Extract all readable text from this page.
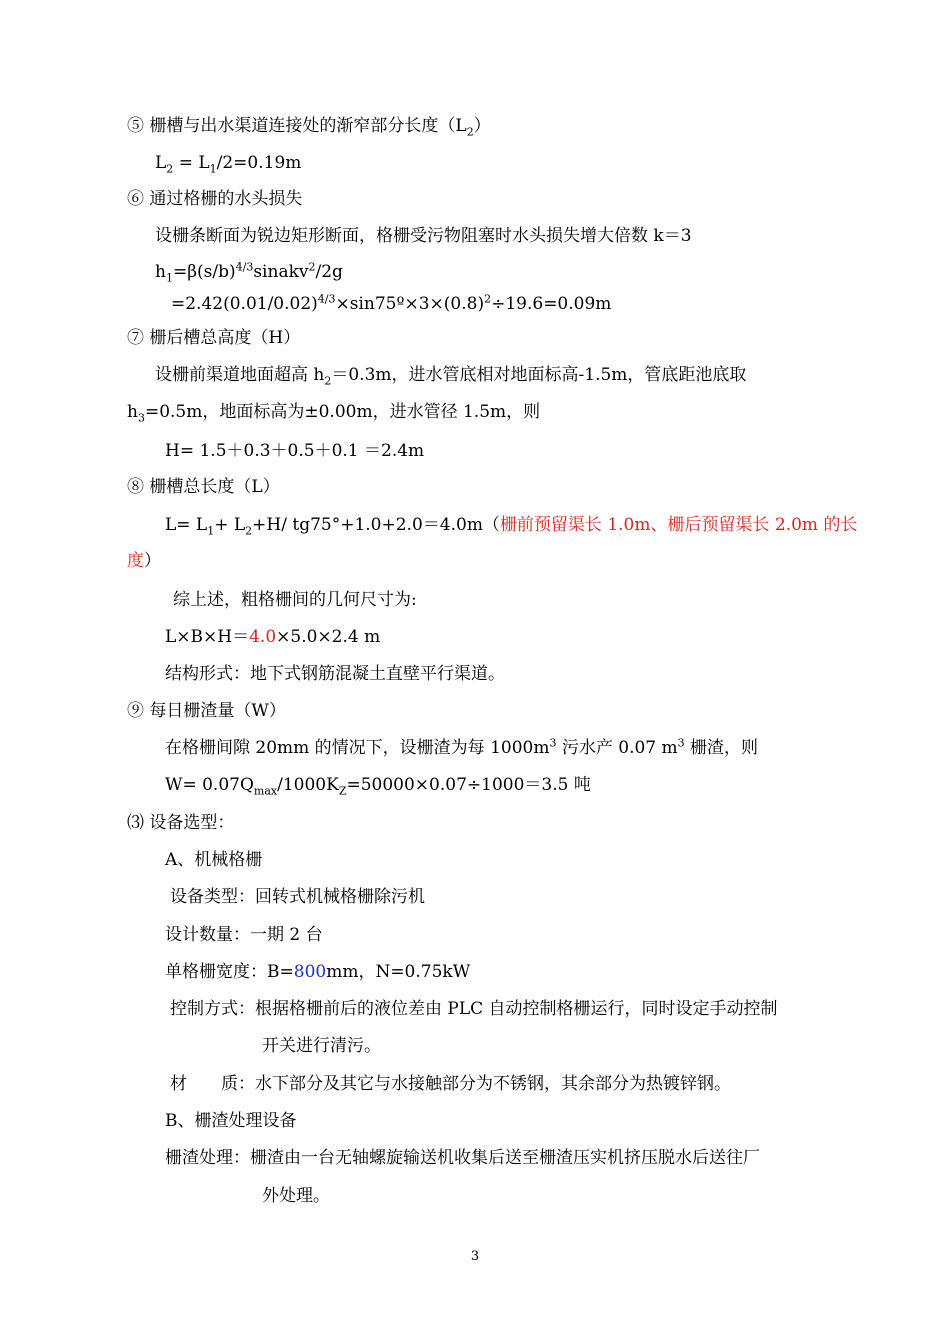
⑤ 栅槽与出水渠道连接处的渐窄部分长度$(L_2)$
$L_2 = L_1/2=0.19m$
⑥ 通过格栅的水头损失
设栅条断面为锐边矩形断面，格栅受污物阻塞时水头损失增大倍数 k＝3
$h_1=\beta(s/b)^{4/3}sinakv^2/2g$
$=2.42(0.01/0.02)^{4/3}\times\sin 75º\times 3\times(0.8)^2\div 19.6=0.09m$
⑦ 栅后槽总高度（H）
设栅前渠道地面超高 $h_2=0.3m$，进水管底相对地面标高-1.5m，管底距池底取
$h_3=0.5m$，地面标高为±0.00m，进水管径 1.5m，则
H= 1.5＋0.3＋0.5＋0.1 ＝2.4m
⑧ 栅槽总长度（L）
$L= L_1+ L_2+H/$ tg75°+1.0+2.0＝4.0m（栅前预留渠长 1.0m、栅后预留渠长 2.0m 的长
度）
综上述，粗格栅间的几何尺寸为:
L×B×H＝4.0×5.0×2.4 m
结构形式：地下式钢筋混凝土直壁平行渠道。
⑨ 每日栅渣量（W）
在格栅间隙 20mm 的情况下，设栅渣为每 $1000m^3$ 污水产 0.07 $m^3$ 栅渣，则
$W= 0.07Q_{max}/1000K_Z=50000\times 0.07\div 1000=3.5$ 吨
⑶ 设备选型：
A、机械格栅
设备类型：回转式机械格栅除污机
设计数量：一期 2 台
单格栅宽度：B=800mm，N=0.75kW
控制方式：根据格栅前后的液位差由 PLC 自动控制格栅运行，同时设定手动控制
开关进行清污。
材　　质：水下部分及其它与水接触部分为不锈钢，其余部分为热镀锌钢。
B、栅渣处理设备
栅渣处理：栅渣由一台无轴螺旋输送机收集后送至栅渣压实机挤压脱水后送往厂
外处理。
3
